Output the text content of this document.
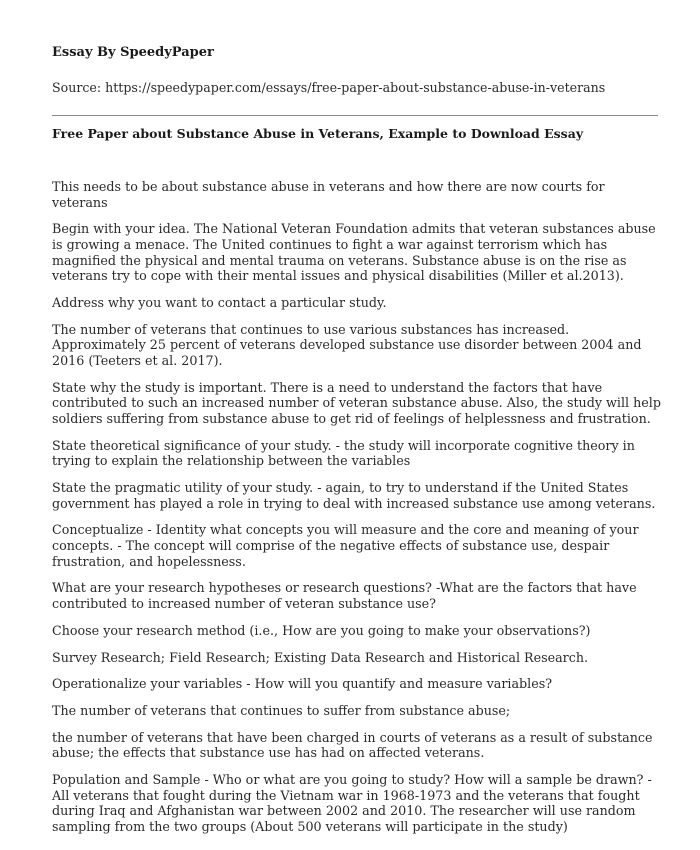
Essay By SpeedyPaper
Source: https://speedypaper.com/essays/free-paper-about-substance-abuse-in-veterans
Free Paper about Substance Abuse in Veterans, Example to Download Essay

This needs to be about substance abuse in veterans and how there are now courts for veterans

Begin with your idea. The National Veteran Foundation admits that veteran substances abuse is growing a menace. The United continues to fight a war against terrorism which has magnified the physical and mental trauma on veterans. Substance abuse is on the rise as veterans try to cope with their mental issues and physical disabilities (Miller et al.2013).

Address why you want to contact a particular study.

The number of veterans that continues to use various substances has increased. Approximately 25 percent of veterans developed substance use disorder between 2004 and 2016 (Teeters et al. 2017).

State why the study is important. There is a need to understand the factors that have contributed to such an increased number of veteran substance abuse. Also, the study will help soldiers suffering from substance abuse to get rid of feelings of helplessness and frustration.

State theoretical significance of your study. - the study will incorporate cognitive theory in trying to explain the relationship between the variables

State the pragmatic utility of your study. - again, to try to understand if the United States government has played a role in trying to deal with increased substance use among veterans.

Conceptualize - Identity what concepts you will measure and the core and meaning of your concepts. - The concept will comprise of the negative effects of substance use, despair frustration, and hopelessness.

What are your research hypotheses or research questions? -What are the factors that have contributed to increased number of veteran substance use?

Choose your research method (i.e., How are you going to make your observations?)

Survey Research; Field Research; Existing Data Research and Historical Research.

Operationalize your variables - How will you quantify and measure variables?

The number of veterans that continues to suffer from substance abuse;

the number of veterans that have been charged in courts of veterans as a result of substance abuse; the effects that substance use has had on affected veterans.

Population and Sample - Who or what are you going to study? How will a sample be drawn? - All veterans that fought during the Vietnam war in 1968-1973 and the veterans that fought during Iraq and Afghanistan war between 2002 and 2010. The researcher will use random sampling from the two groups (About 500 veterans will participate in the study)
